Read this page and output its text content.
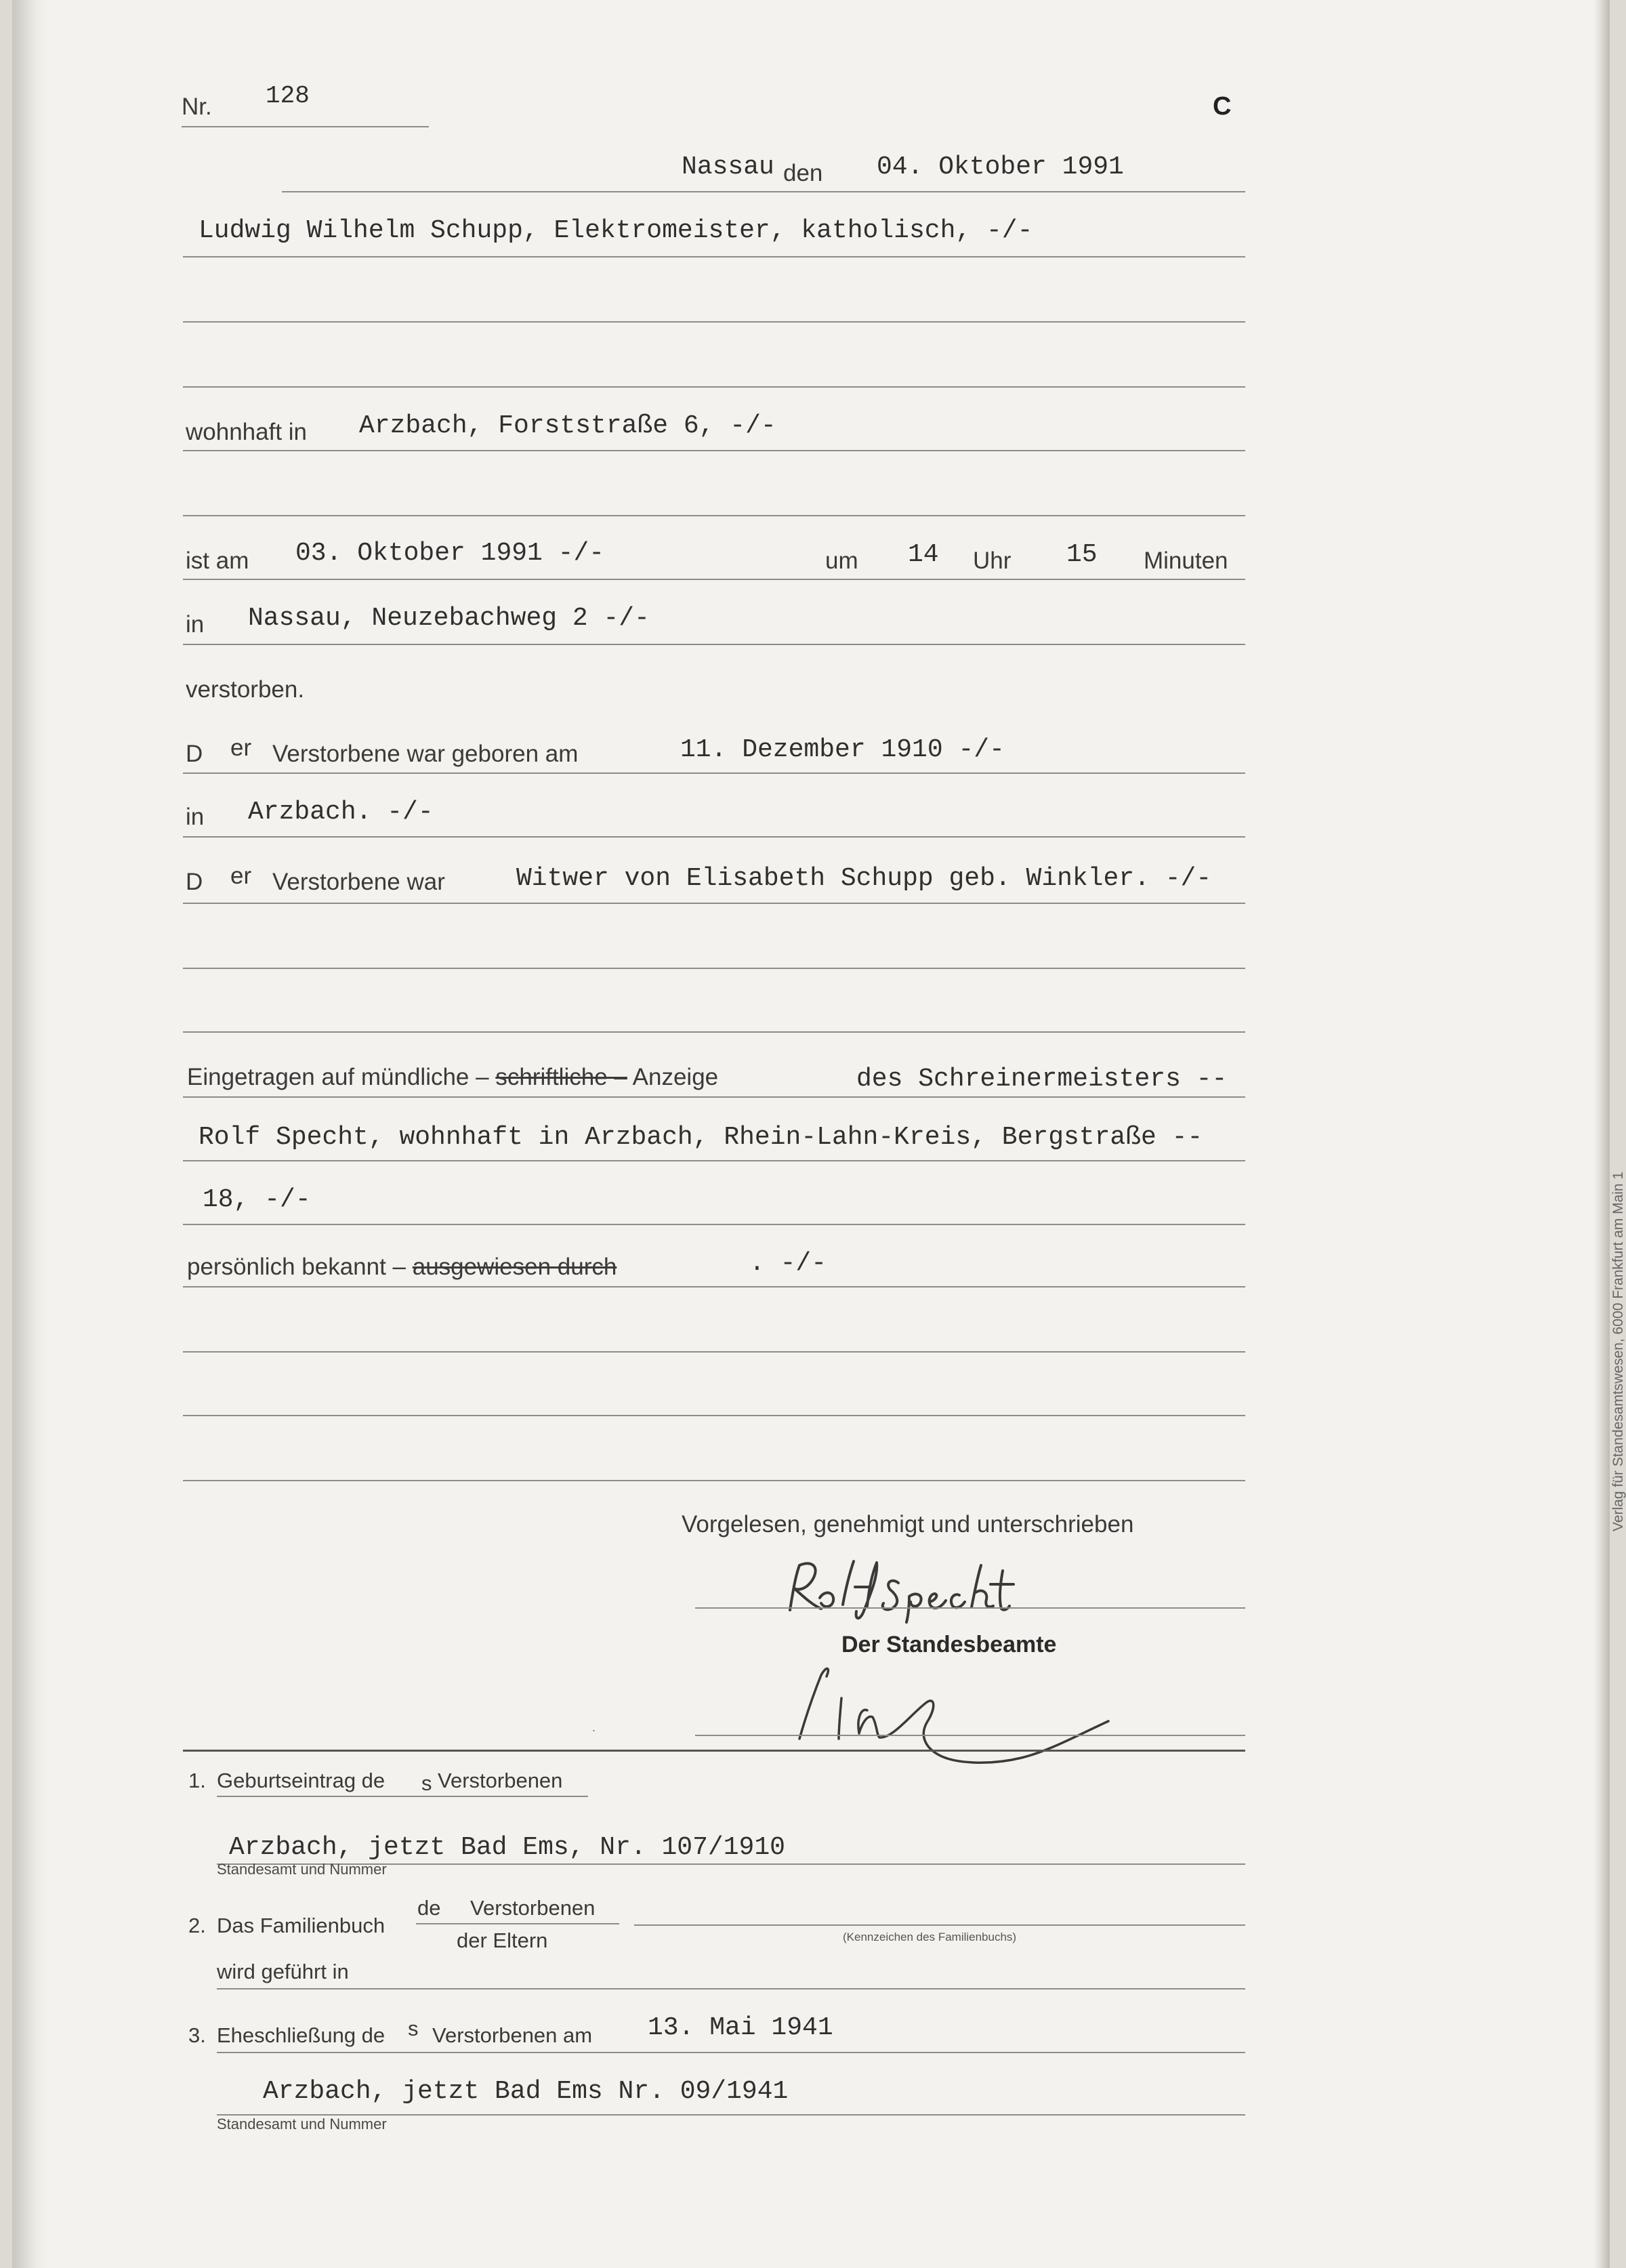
Nr. 128	C
Nassau den 04. Oktober 1991
Ludwig Wilhelm Schupp, Elektromeister, katholisch, -/-
wohnhaft in Arzbach, Forststraße 6, -/-
ist am 03. Oktober 1991 -/-	um 14 Uhr 15 Minuten
in Nassau, Neuzebachweg 2 -/-
verstorben.
D er Verstorbene war geboren am	11. Dezember 1910 -/-
in Arzbach. -/-
D er Verstorbene war	Witwer von Elisabeth Schupp geb. Winkler. -/-
Eingetragen auf mündliche – schriftliche – Anzeige	des Schreinermeisters --
Rolf Specht, wohnhaft in Arzbach, Rhein-Lahn-Kreis, Bergstraße --
18, -/-
persönlich bekannt – ausgewiesen durch	. -/-
Vorgelesen, genehmigt und unterschrieben
Der Standesbeamte
.
1. Geburtseintrag de s Verstorbenen
Arzbach, jetzt Bad Ems, Nr. 107/1910
Standesamt und Nummer
2. Das Familienbuch
de Verstorbenen
der Eltern	(Kennzeichen des Familienbuchs)
wird geführt in
3. Eheschließung de s Verstorbenen am 13. Mai 1941
Arzbach, jetzt Bad Ems Nr. 09/1941
Standesamt und Nummer
Verlag für Standesamtswesen, 6000 Frankfurt am Main 1
